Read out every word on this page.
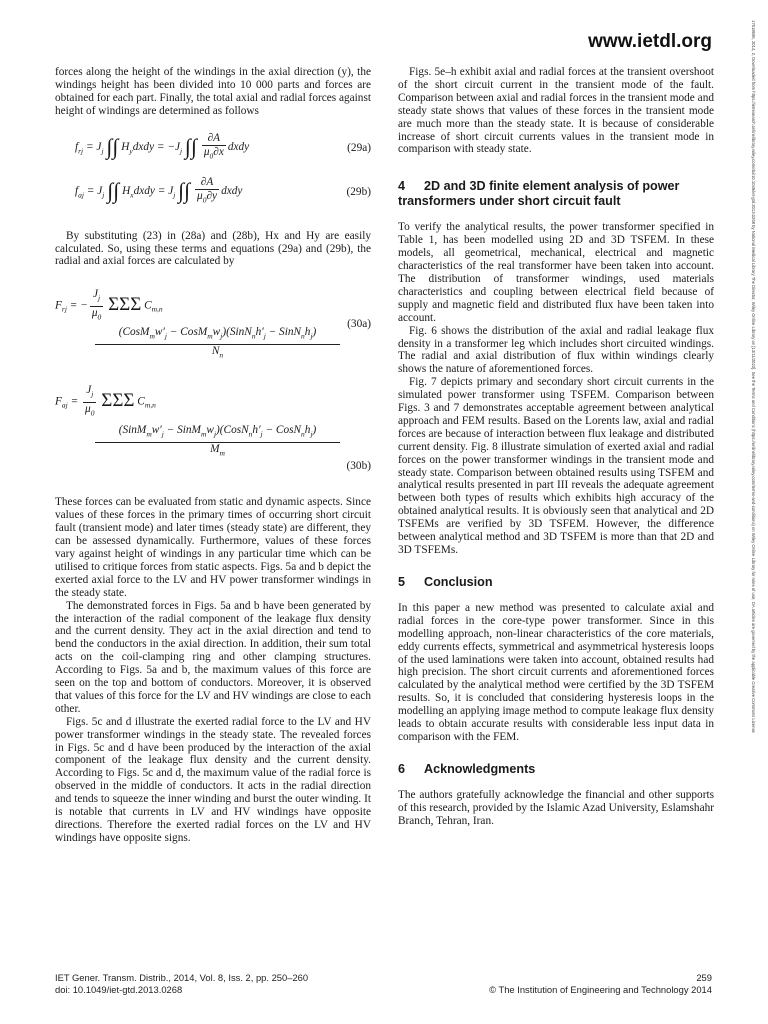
www.ietdl.org	17518695, 2014, 2, Downloaded from https://ietresearch.onlinelibrary.wiley.com/doi/10.1049/iet-gtd.2013.0268 by National Medical Library The Director, Wiley Online Library on [13/11/2022]. See the Terms and Conditions (https://onlinelibrary.wiley.com/terms-and-conditions) on Wiley Online Library for rules of use; OA articles are governed by the applicable Creative Commons License

forces along the height of the windings in the axial direction (y), the windings height has been divided into 10 000 parts and forces are obtained for each part. Finally, the total axial and radial forces against height of windings are determined as follows

$f_{rj} = J_j$ ∫∫ $H_ydxdy = -J_j$ ∫∫ $\frac{\partial A}{\mu_0\partial x}$ dxdy	(29a)
$f_{aj} = J_j$ ∫∫ $H_xdxdy = J_j$ ∫∫ $\frac{\partial A}{\mu_0\partial y}$ dxdy	(29b)

By substituting (23) in (28a) and (28b), Hx and Hy are easily calculated. So, using these terms and equations (29a) and (29b), the radial and axial forces are calculated by

$F_{rj}$ = − $\frac{J_j}{\mu_0}$ ΣΣΣ $C_{m,n}$
($CosM_mw'_j$ − $CosM_mw_j)(SinN_nh'_j$ − $SinN_nh_j$)
$N_n$
(30a)
$F_{aj} = \frac{J_j}{\mu_0}$ ΣΣΣ $C_{m,n}$
($SinM_mw'_j$ − $SinM_mw_j)(CosN_nh'_j$ − $CosN_nh_j$)
$M_m$
(30b)

These forces can be evaluated from static and dynamic aspects. Since values of these forces in the primary times of occurring short circuit fault (transient mode) and later times (steady state) are different, they can be assessed dynamically. Furthermore, values of these forces vary against height of windings in any particular time which can be utilised to critique forces from static aspects. Figs. 5a and b depict the exerted axial force to the LV and HV power transformer windings in the steady state.

The demonstrated forces in Figs. 5a and b have been generated by the interaction of the radial component of the leakage flux density and the current density. They act in the axial direction and tend to bend the conductors in the axial direction. In addition, their sum total acts on the coil-clamping ring and other clamping structures. According to Figs. 5a and b, the maximum values of this force are seen on the top and bottom of conductors. Moreover, it is observed that values of this force for the LV and HV windings are close to each other.

Figs. 5c and d illustrate the exerted radial force to the LV and HV power transformer windings in the steady state. The revealed forces in Figs. 5c and d have been produced by the interaction of the axial component of the leakage flux density and the current density. According to Figs. 5c and d, the maximum value of the radial force is observed in the middle of conductors. It acts in the radial direction and tends to squeeze the inner winding and burst the outer winding. It is notable that currents in LV and HV windings have opposite directions. Therefore the exerted radial forces on the LV and HV windings have opposite signs.

Figs. 5e–h exhibit axial and radial forces at the transient overshoot of the short circuit current in the transient mode of the fault. Comparison between axial and radial forces in the transient mode and steady state shows that values of these forces in the transient mode are much more than the steady state. It is because of considerable increase of short circuit currents values in the transient mode in comparison with steady state.

4 2D and 3D finite element analysis of power transformers under short circuit fault

To verify the analytical results, the power transformer specified in Table 1, has been modelled using 2D and 3D TSFEM. In these models, all geometrical, mechanical, electrical and magnetic characteristics of the real transformer have been taken into account. The distribution of transformer windings, used materials characteristics and coupling between electrical field because of supply and magnetic field and distributed flux have been taken into account.

Fig. 6 shows the distribution of the axial and radial leakage flux density in a transformer leg which includes short circuited windings. The radial and axial distribution of flux within windings clearly shows the nature of aforementioned forces.

Fig. 7 depicts primary and secondary short circuit currents in the simulated power transformer using TSFEM. Comparison between Figs. 3 and 7 demonstrates acceptable agreement between analytical approach and FEM results. Based on the Lorents law, axial and radial forces are because of interaction between flux leakage and distributed current density. Fig. 8 illustrate simulation of exerted axial and radial forces on the power transformer windings in the transient mode and steady state. Comparison between obtained results using TSFEM and analytical results presented in part III reveals the adequate agreement between both types of results which exhibits high accuracy of the obtained analytical results. It is obviously seen that analytical and 2D TSFEMs are verified by 3D TSFEM. However, the difference between analytical method and 3D TSFEM is more than that 2D and 3D TSFEMs.

5 Conclusion

In this paper a new method was presented to calculate axial and radial forces in the core-type power transformer. Since in this modelling approach, non-linear characteristics of the core materials, eddy currents effects, symmetrical and asymmetrical hysteresis loops of the used laminations were taken into account, obtained results had high precision. The short circuit currents and aforementioned forces calculated by the analytical method were certified by the 3D TSFEM results. So, it is concluded that considering hysteresis loops in the modelling an applying image method to compute leakage flux density leads to obtain accurate results with considerable less input data in comparison with the FEM.

6 Acknowledgments

The authors gratefully acknowledge the financial and other supports of this research, provided by the Islamic Azad University, Eslamshahr Branch, Tehran, Iran.

IET Gener. Transm. Distrib., 2014, Vol. 8, Iss. 2, pp. 250–260
doi: 10.1049/iet-gtd.2013.0268
259
© The Institution of Engineering and Technology 2014
